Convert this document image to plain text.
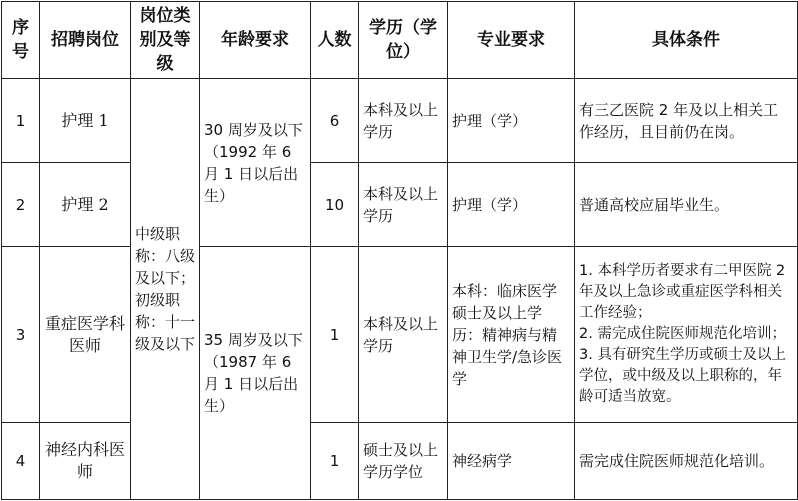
序号	招聘岗位	岗位类别及等级	年龄要求	人数	学历（学位）	专业要求	具体条件
1	护理 1	中级职称：八级及以下；初级职称：十一级及以下	30 周岁及以下（1992 年 6 月 1 日以后出生）	6	本科及以上学历	护理（学）	有三乙医院 2 年及以上相关工作经历，且目前仍在岗。
2	护理 2			10	本科及以上学历	护理（学）	普通高校应届毕业生。
3	重症医学科医师		35 周岁及以下（1987 年 6 月 1 日以后出生）	1	本科及以上学历	本科：临床医学 硕士及以上学历：精神病与精神卫生学/急诊医学	1. 本科学历者要求有二甲医院 2 年及以上急诊或重症医学科相关工作经验；
2. 需完成住院医师规范化培训；
3. 具有研究生学历或硕士及以上学位，或中级及以上职称的，年龄可适当放宽。

4	神经内科医师			1	硕士及以上学历学位	神经病学	需完成住院医师规范化培训。
